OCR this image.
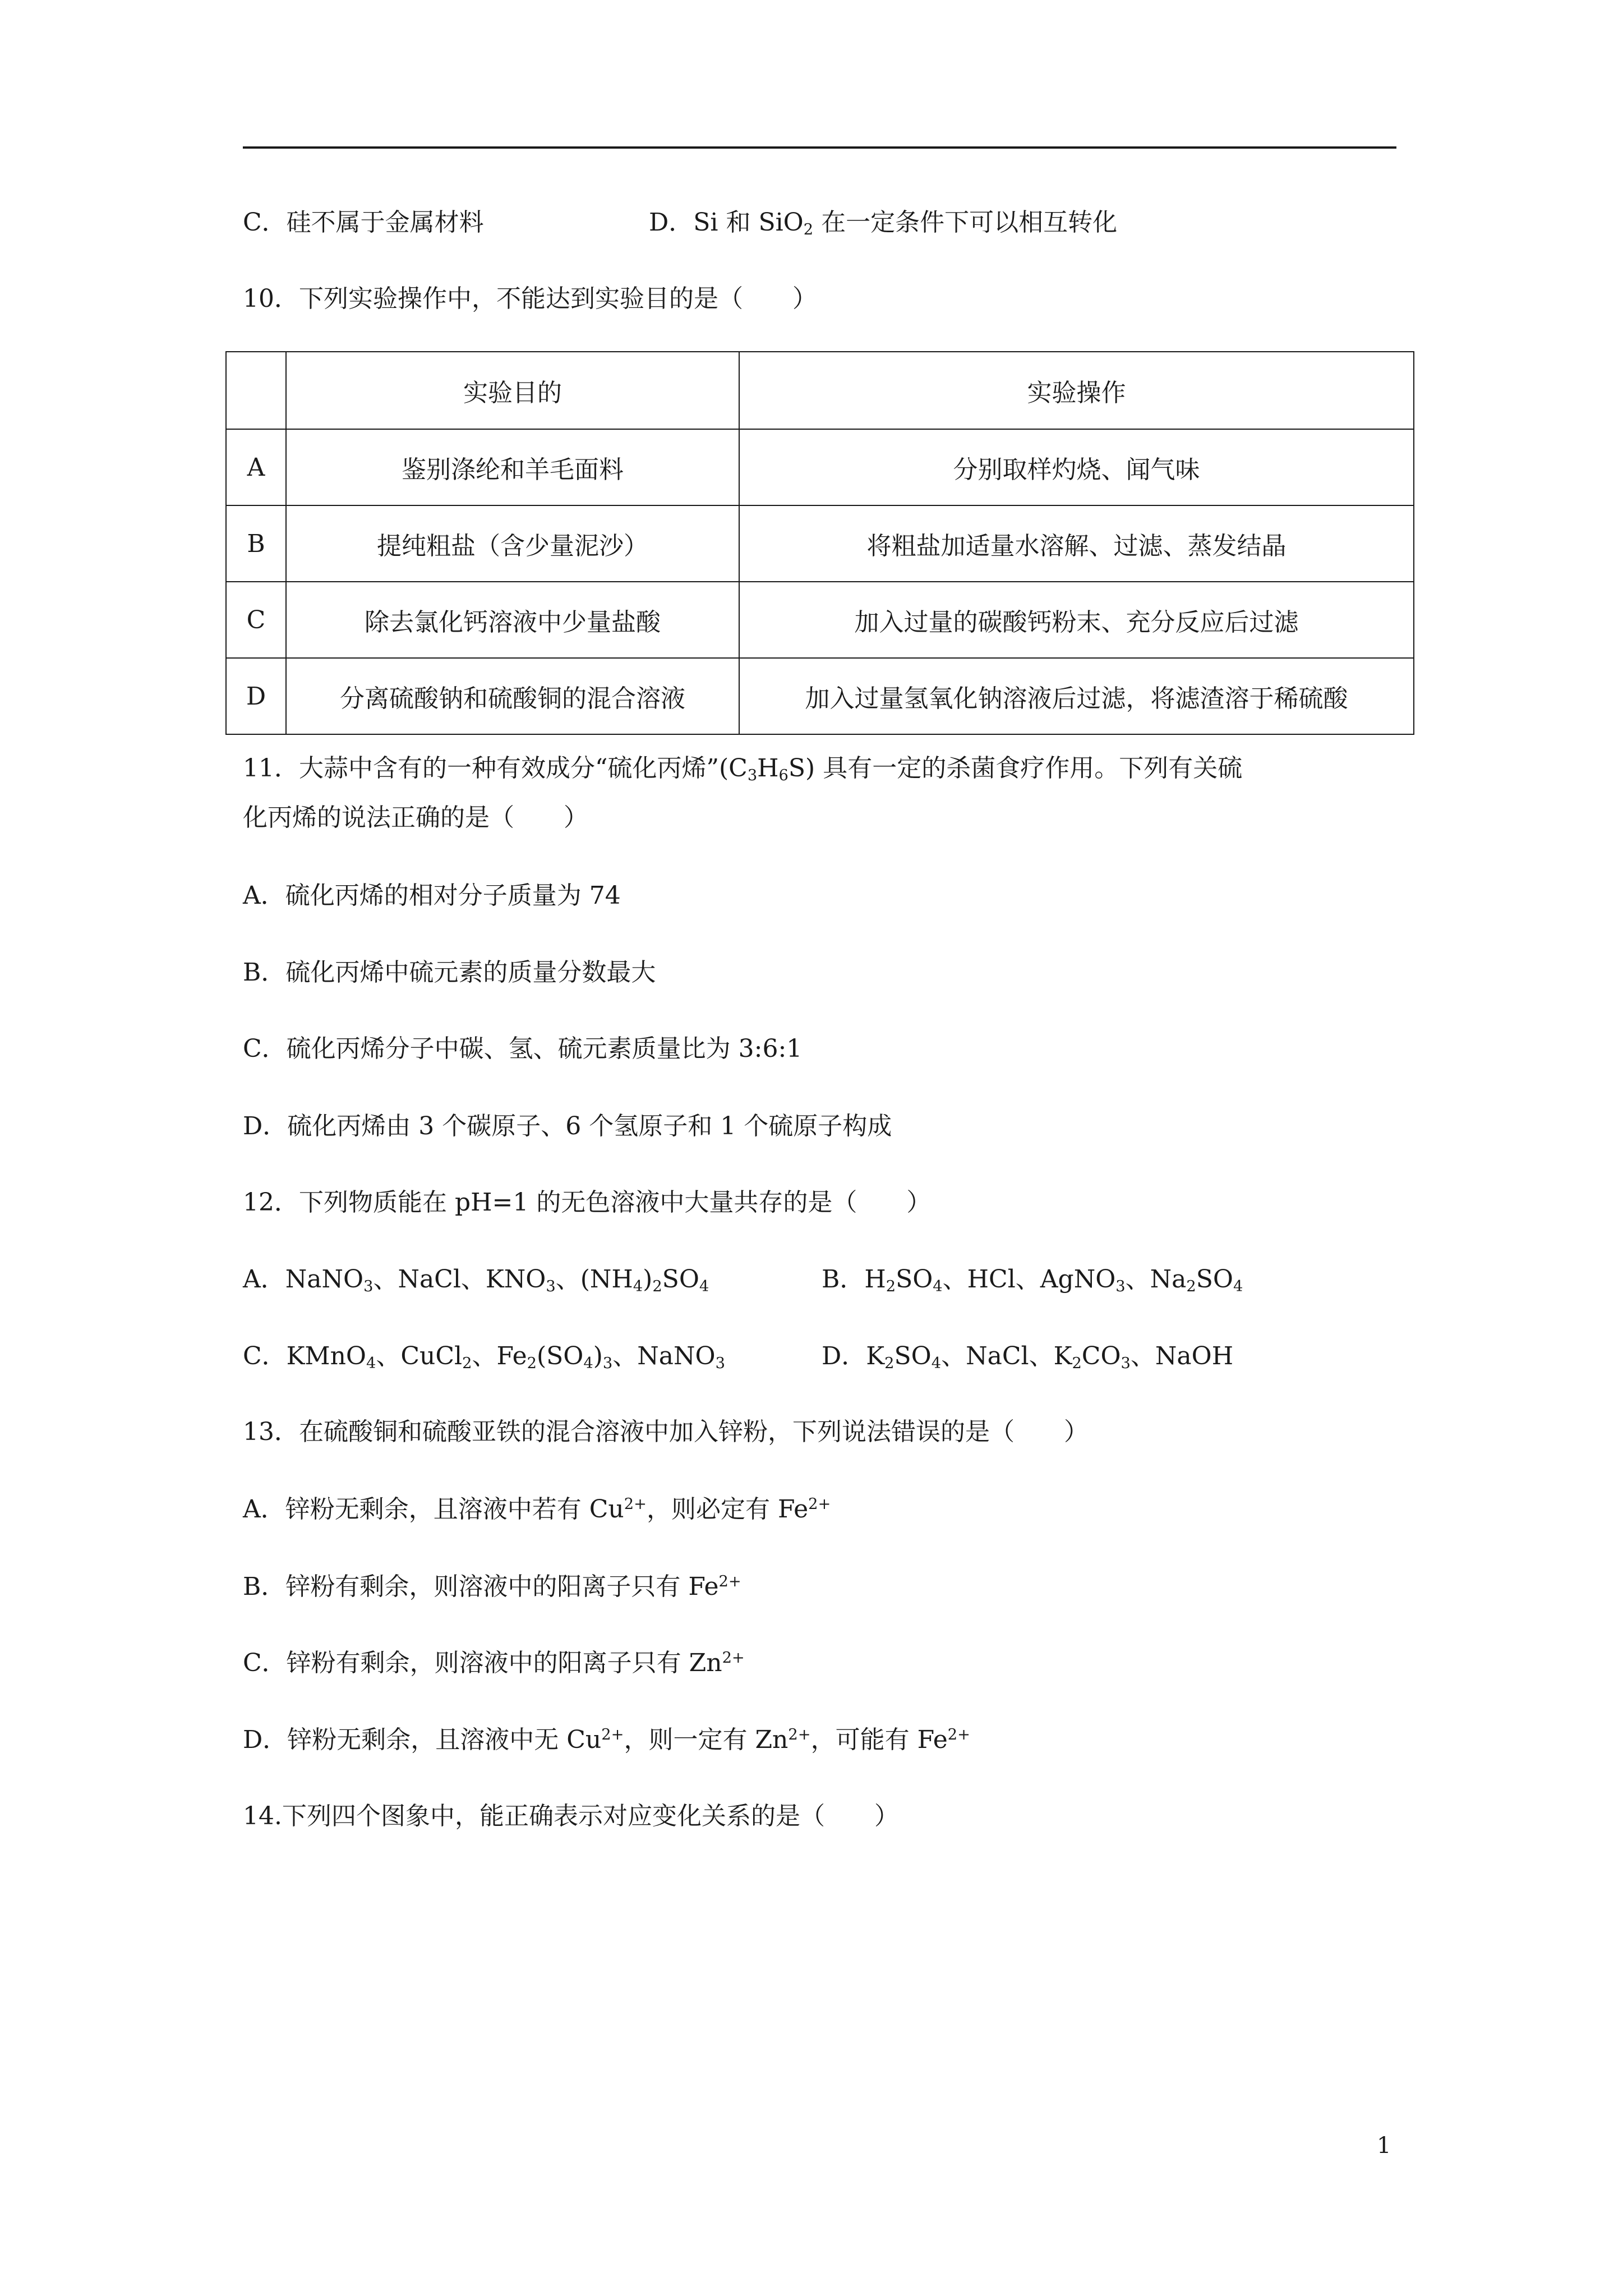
C．硅不属于金属材料	D．Si 和 SiO$_2$ 在一定条件下可以相互转化
10．下列实验操作中，不能达到实验目的是（　　）
	实验目的	实验操作
A	鉴别涤纶和羊毛面料	分别取样灼烧、闻气味
B	提纯粗盐（含少量泥沙）	将粗盐加适量水溶解、过滤、蒸发结晶
C	除去氯化钙溶液中少量盐酸	加入过量的碳酸钙粉末、充分反应后过滤
D	分离硫酸钠和硫酸铜的混合溶液	加入过量氢氧化钠溶液后过滤，将滤渣溶于稀硫酸
11．大蒜中含有的一种有效成分“硫化丙烯$”(C_3H_6S)$ 具有一定的杀菌食疗作用。下列有关硫
化丙烯的说法正确的是（　　）
A．硫化丙烯的相对分子质量为 74
B．硫化丙烯中硫元素的质量分数最大
C．硫化丙烯分子中碳、氢、硫元素质量比为 3:6:1
D．硫化丙烯由 3 个碳原子、6 个氢原子和 1 个硫原子构成
12．下列物质能在 pH=1 的无色溶液中大量共存的是（　　）
A．NaNO$_3$、NaCl、$KNO_3$、$(NH_4)_2SO_4$	B．$H_2SO_4$、HCl、AgNO$_3$、$Na_2SO_4$
C．KMnO$_4$、CuCl$_2$、$Fe_2(SO_4)_3$、NaNO$_3$	D．$K_2SO_4$、NaCl、$K_2CO_3$、NaOH
13．在硫酸铜和硫酸亚铁的混合溶液中加入锌粉，下列说法错误的是（　　）
A．锌粉无剩余，且溶液中若有 $Cu^{2+}$，则必定有 $Fe^{2+}$
B．锌粉有剩余，则溶液中的阳离子只有 $Fe^{2+}$
C．锌粉有剩余，则溶液中的阳离子只有 $Zn^{2+}$
D．锌粉无剩余，且溶液中无 $Cu^{2+}$，则一定有 $Zn^{2+}$，可能有 $Fe^{2+}$
14.下列四个图象中，能正确表示对应变化关系的是（　　）
1
